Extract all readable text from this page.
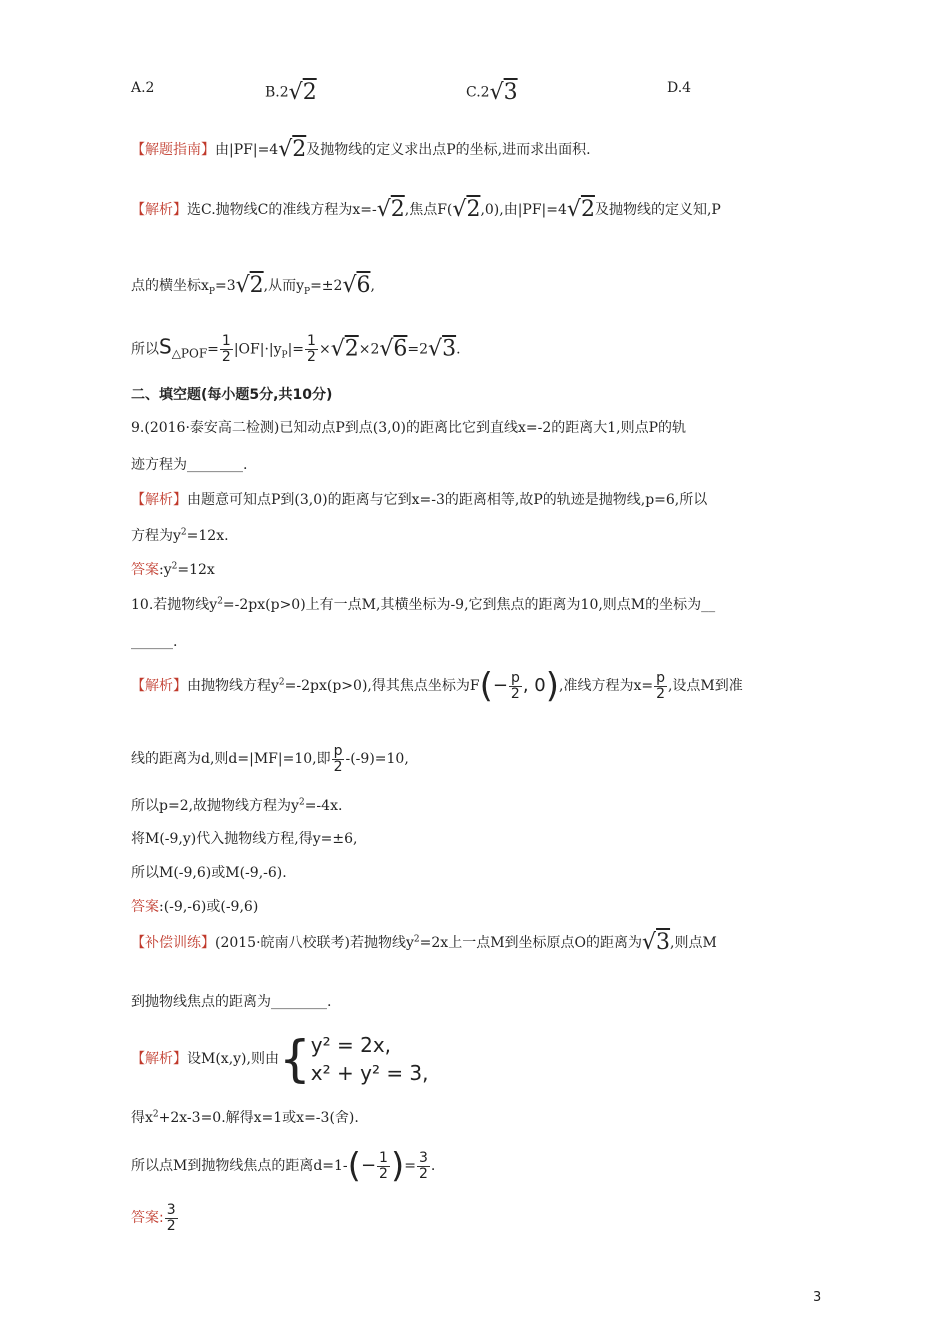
A.2	B.2√2	C.2√3	D.4
【解题指南】由|PF|=4√2及抛物线的定义求出点P的坐标,进而求出面积.
【解析】选C.抛物线C的准线方程为x=-√2,焦点F(√2,0),由|PF|=4√2及抛物线的定义知,P
点的横坐标$x_P=3√2$,从而$y_P=\pm 2√6$,
所以$S_{\triangle POF}= \frac{1}{2} |OF|\cdot|y_P|= \frac{1}{2} \times√2\times 2√6=2√3$.
二、填空题(每小题5分,共10分)
9.(2016·泰安高二检测)已知动点P到点(3,0)的距离比它到直线x=-2的距离大1,则点P的轨
迹方程为________.
【解析】由题意可知点P到(3,0)的距离与它到x=-3的距离相等,故P的轨迹是抛物线,p=6,所以
方程为$y^2=12x$.
答案$:y^2=12x$
10.若抛物线$y^2=-2px(p>0)$上有一点M,其横坐标为-9,它到焦点的距离为10,则点M的坐标为__
______.
【解析】由抛物线方程$y^2=-2px(p>0)$,得其焦点坐标为$F(- \frac{p}{2}$ , 0),准线方程为$x= \frac{p}{2}$ ,设点M到准
线的距离为d,则d=|MF|=10,即 $\frac{p}{2} -(-9)=10$,
所以p=2,故抛物线方程为$y^2=-4x$.
将M(-9,y)代入抛物线方程,得y=±6,
所以M(-9,6)或M(-9,-6).
答案:(-9,-6)或(-9,6)
【补偿训练】(2015·皖南八校联考)若抛物线$y^2=2x$上一点M到坐标原点O的距离为√3,则点M
到抛物线焦点的距离为________.
【解析】设M(x,y),则由{ y² = 2x,
x² + y² = 3,
得$x^2+2x-3=0$.解得x=1或x=-3(舍).
所以点M到抛物线焦点的距离$d=1-(- \frac{1}{2}$ )= $\frac{3}{2}$ .
答案: $\frac{3}{2}$
3
